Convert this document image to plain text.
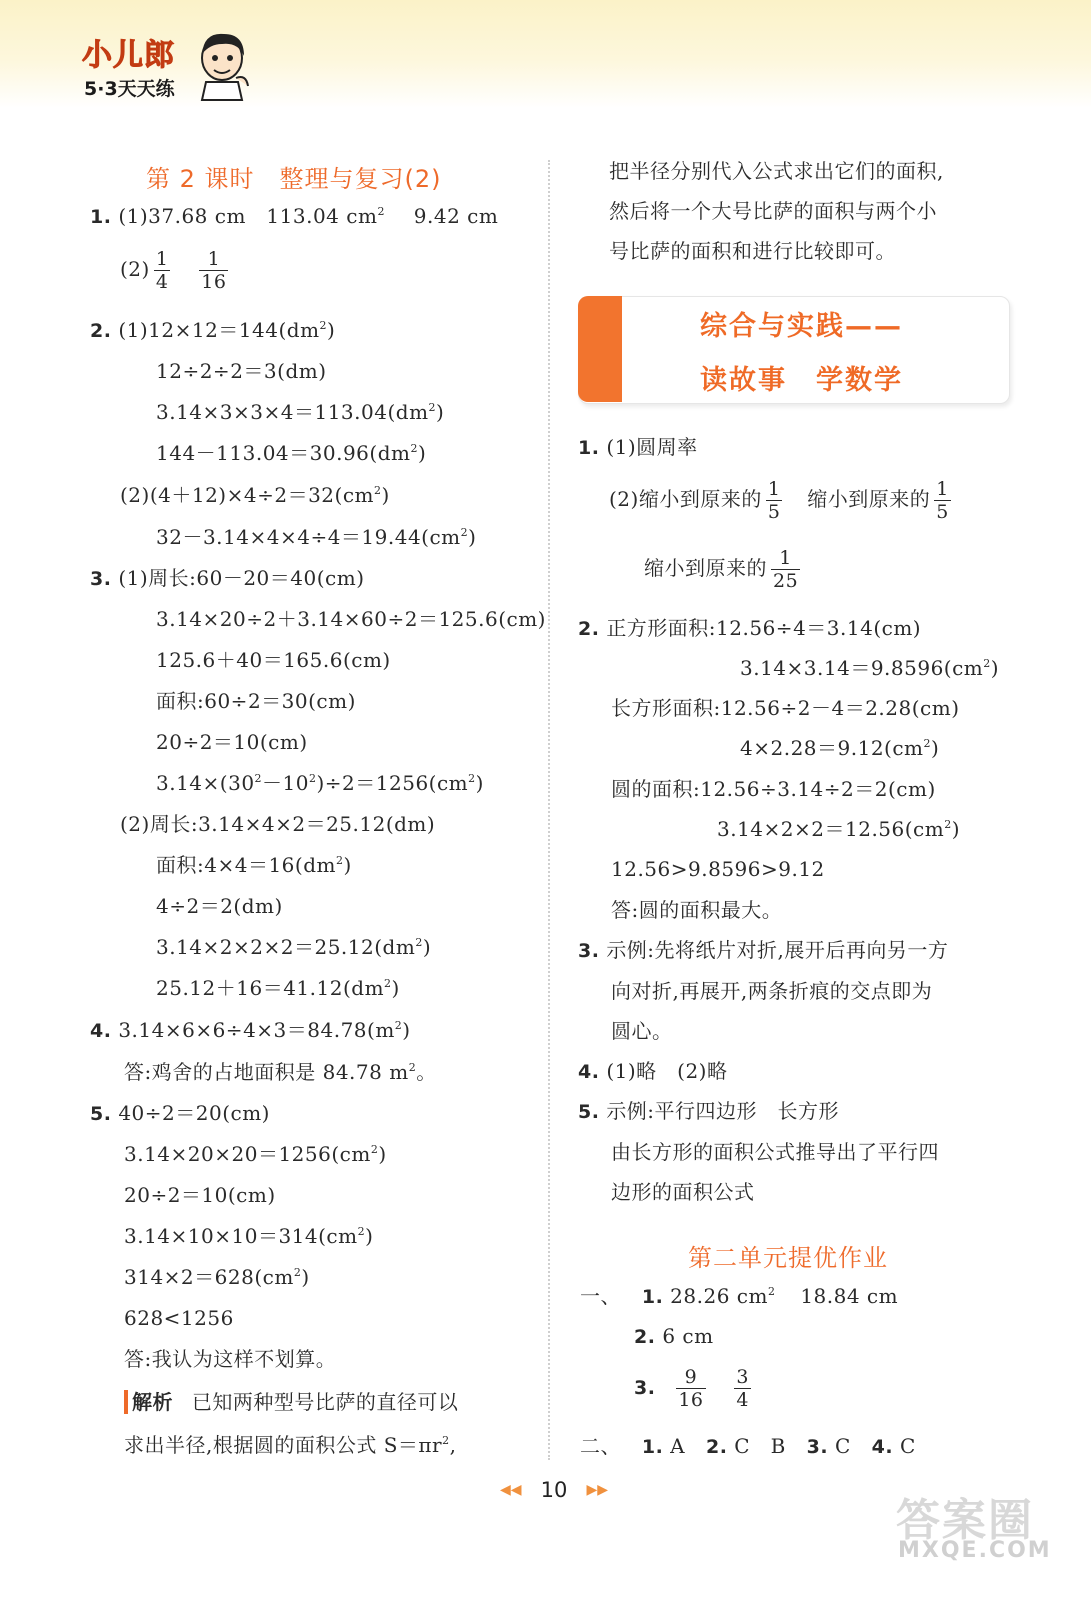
小儿郎
5·3天天练
第 2 课时　整理与复习(2)
1. (1)37.68 cm　113.04 $cm^2$ 9.42 cm
$(2) \frac{1}{4}$
$\frac{1}{16}$
2. $(1)12\times 12=144(dm^2)$
12÷2÷2＝3(dm)
$3.14\times 3\times 3\times 4=113.04(dm^2)$
$144-113.04=30.96(dm^2)$
$(2)(4+12)\times 4\div 2=32(cm^2)$
$32-3.14\times 4\times 4\div 4=19.44(cm^2)$
3. (1)周长:60－20＝40(cm)
3.14×20÷2＋3.14×60÷2＝125.6(cm)
125.6＋40＝165.6(cm)
面积:60÷2＝30(cm)
20÷2＝10(cm)
$3.14\times(30^2-10^2)\div 2=1256(cm^2)$
(2)周长:3.14×4×2＝25.12(dm)
面积$:4\times 4=16(dm^2)$
4÷2＝2(dm)
$3.14\times 2\times 2\times 2=25.12(dm^2)$
$25.12+16=41.12(dm^2)$
4. $3.14\times 6\times 6\div 4\times 3=84.78(m^2)$
答:鸡舍的占地面积是 84.78 $m^2$。
5. 40÷2＝20(cm)
$3.14\times 20\times 20=1256(cm^2)$
20÷2＝10(cm)
$3.14\times 10\times 10=314(cm^2)$
$314\times 2=628(cm^2)$
628<1256
答:我认为这样不划算。
解析 已知两种型号比萨的直径可以
求出半径,根据圆的面积公式 $S=\pi r^2$,
把半径分别代入公式求出它们的面积,
然后将一个大号比萨的面积与两个小
号比萨的面积和进行比较即可。
综合与实践——
读故事　学数学
1. (1)圆周率
(2)缩小到原来的 $\frac{1}{5}$ 缩小到原来的 $\frac{1}{5}$
缩小到原来的 $\frac{1}{25}$
2. 正方形面积:12.56÷4＝3.14(cm)
$3.14\times 3.14=9.8596(cm^2)$
长方形面积:12.56÷2－4＝2.28(cm)
$4\times 2.28=9.12(cm^2)$
圆的面积:12.56÷3.14÷2＝2(cm)
$3.14\times 2\times 2=12.56(cm^2)$
12.56>9.8596>9.12
答:圆的面积最大。
3. 示例:先将纸片对折,展开后再向另一方
向对折,再展开,两条折痕的交点即为
圆心。
4. (1)略　(2)略
5. 示例:平行四边形　长方形
由长方形的面积公式推导出了平行四
边形的面积公式
第二单元提优作业
一、 1. 28.26 $cm^2$ 18.84 cm
2. 6 cm
3. $\frac{9}{16}$
$\frac{3}{4}$
二、 1. A 2. C　B 3. C 4. C
◀◀ 10 ▶▶
答案圈
MXQE.COM
